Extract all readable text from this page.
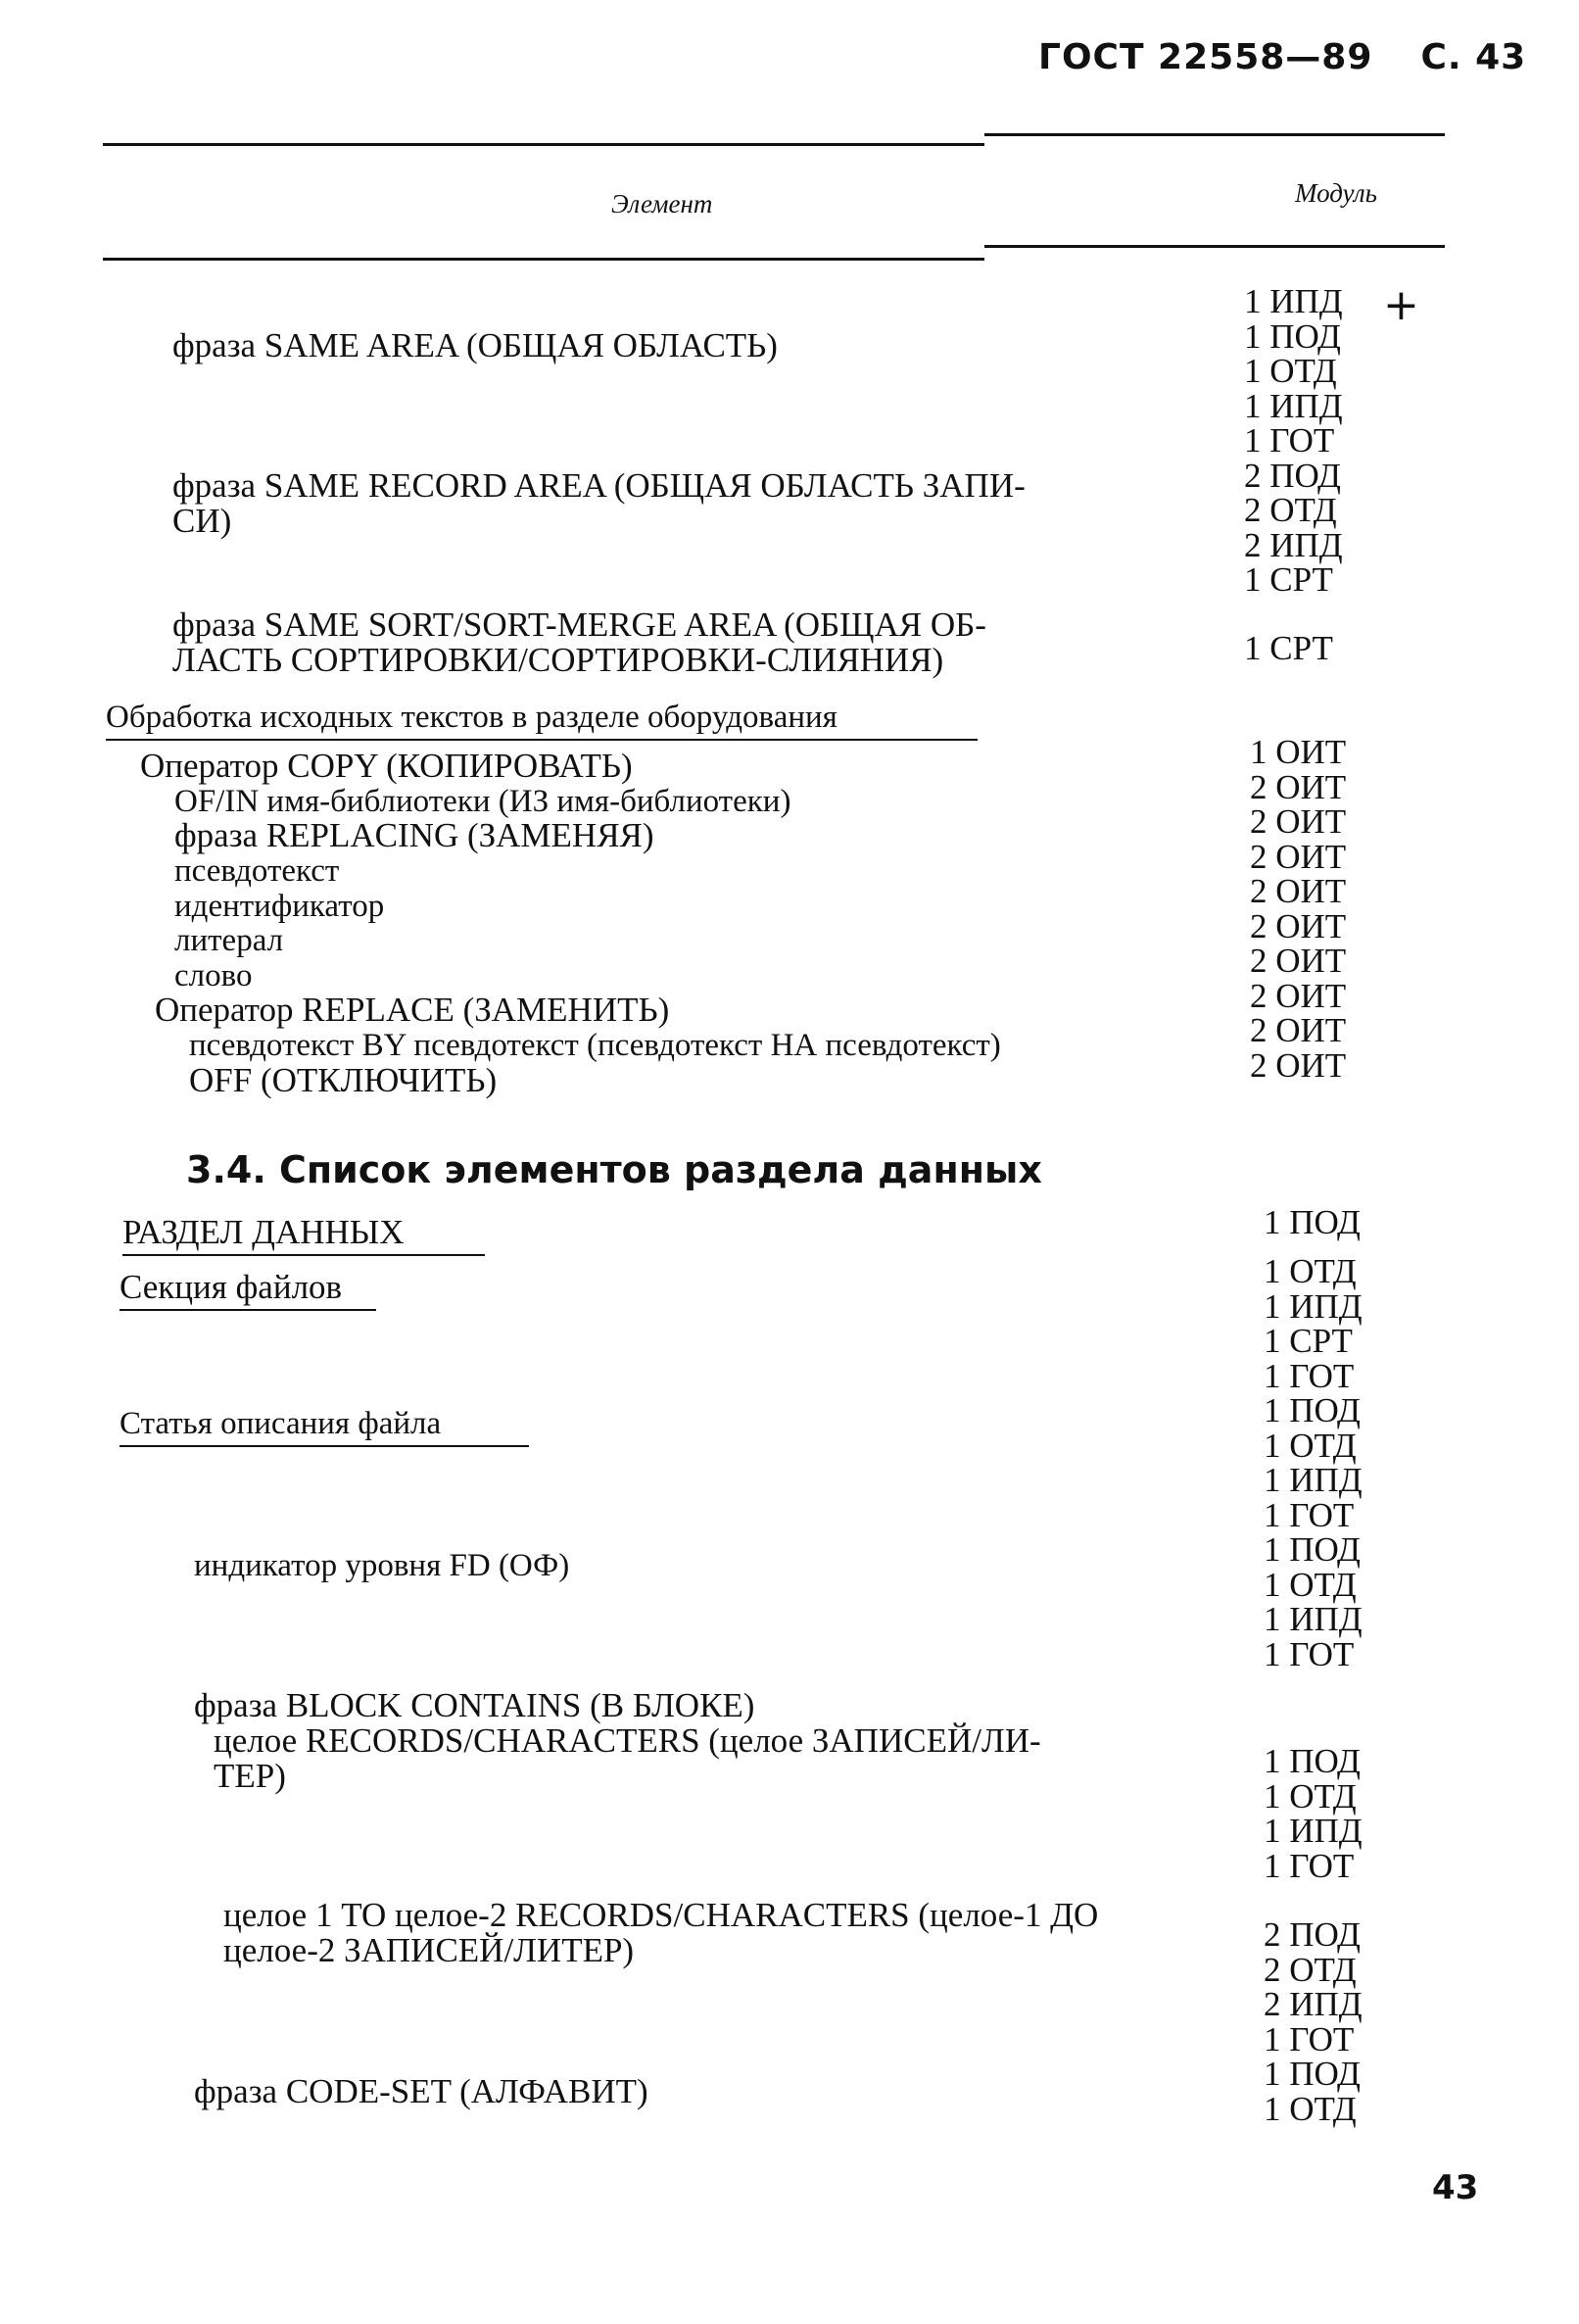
ГОСТ 22558—89 С. 43
Элемент	Модуль
фраза SAME AREA (ОБЩАЯ ОБЛАСТЬ)
фраза SAME RECORD AREA (ОБЩАЯ ОБЛАСТЬ ЗАПИ-
СИ)
фраза SAME SORT/SORT-MERGE AREA (ОБЩАЯ ОБ-
ЛАСТЬ СОРТИРОВКИ/СОРТИРОВКИ-СЛИЯНИЯ)
1 ИПД
1 ПОД
1 ОТД
1 ИПД
1 ГОТ
2 ПОД
2 ОТД
2 ИПД
1 СРТ
+
1 СРТ
Обработка исходных текстов в разделе оборудования
Оператор COPY (КОПИРОВАТЬ)
OF/IN имя-библиотеки (ИЗ имя-библиотеки)
фраза REPLACING (ЗАМЕНЯЯ)
псевдотекст
идентификатор
литерал
слово
Оператор REPLACE (ЗАМЕНИТЬ)
псевдотекст BY псевдотекст (псевдотекст НА псевдотекст)
OFF (ОТКЛЮЧИТЬ)
1 ОИТ
2 ОИТ
2 ОИТ
2 ОИТ
2 ОИТ
2 ОИТ
2 ОИТ
2 ОИТ
2 ОИТ
2 ОИТ
3.4. Список элементов раздела данных
РАЗДЕЛ ДАННЫХ
Секция файлов
Статья описания файла
индикатор уровня FD (ОФ)
фраза BLOCK CONTAINS (В БЛОКЕ)
целое RECORDS/CHARACTERS (целое ЗАПИСЕЙ/ЛИ-
ТЕР)
целое 1 TO целое-2 RECORDS/CHARACTERS (целое-1 ДО
целое-2 ЗАПИСЕЙ/ЛИТЕР)
фраза CODE-SET (АЛФАВИТ)
1 ПОД
1 ОТД
1 ИПД
1 СРТ
1 ГОТ
1 ПОД
1 ОТД
1 ИПД
1 ГОТ
1 ПОД
1 ОТД
1 ИПД
1 ГОТ
1 ПОД
1 ОТД
1 ИПД
1 ГОТ
2 ПОД
2 ОТД
2 ИПД
1 ГОТ
1 ПОД
1 ОТД
43
